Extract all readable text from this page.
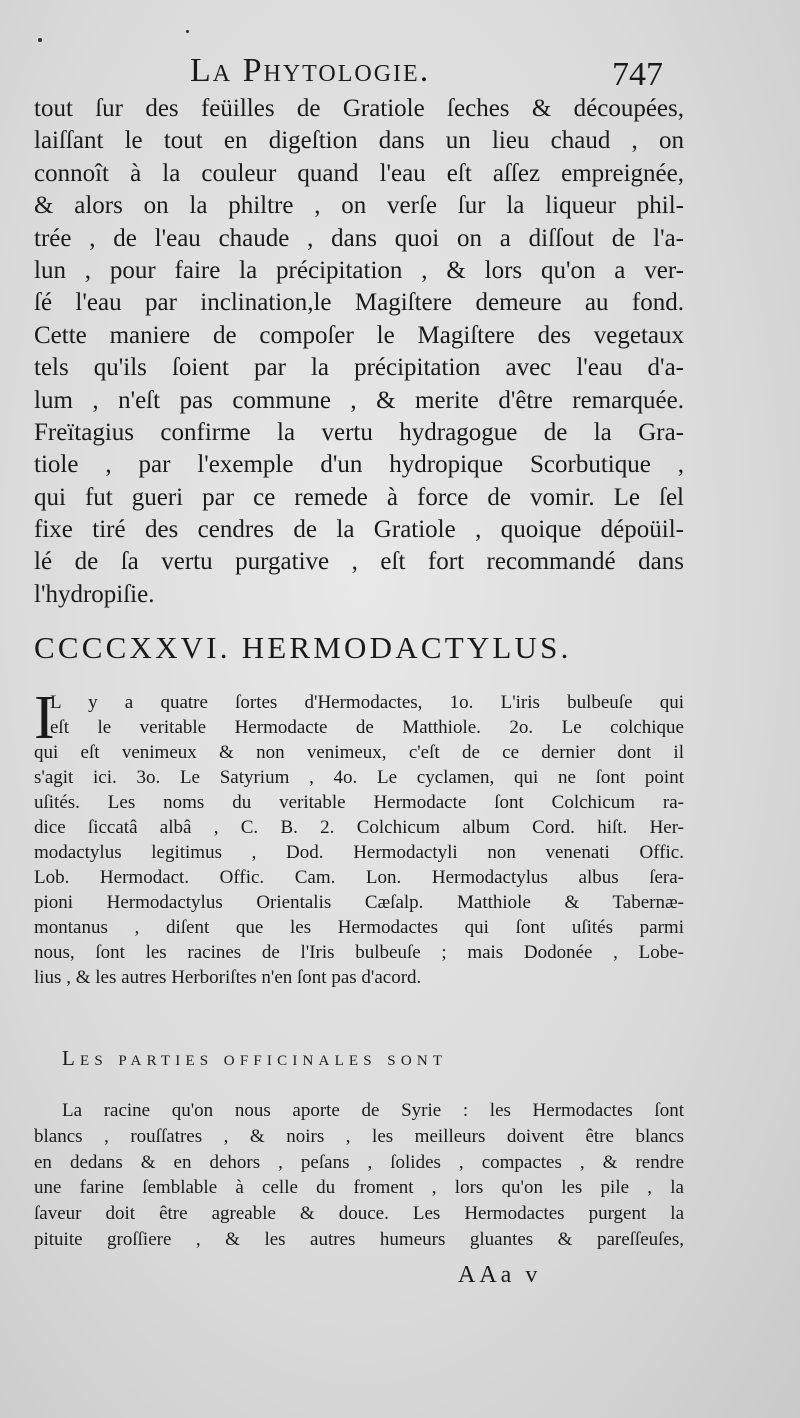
La Phytologie.	747
tout ſur des feüilles de Gratiole ſeches & découpées,
laiſſant le tout en digeſtion dans un lieu chaud , on
connoît à la couleur quand l'eau eſt aſſez empreignée,
& alors on la philtre , on verſe ſur la liqueur phil-
trée , de l'eau chaude , dans quoi on a diſſout de l'a-
lun , pour faire la précipitation , & lors qu'on a ver-
ſé l'eau par inclination,le Magiſtere demeure au fond.
Cette maniere de compoſer le Magiſtere des vegetaux
tels qu'ils ſoient par la précipitation avec l'eau d'a-
lum , n'eſt pas commune , & merite d'être remarquée.
Freïtagius confirme la vertu hydragogue de la Gra-
tiole , par l'exemple d'un hydropique Scorbutique ,
qui fut gueri par ce remede à force de vomir. Le ſel
fixe tiré des cendres de la Gratiole , quoique dépoüil-
lé de ſa vertu purgative , eſt fort recommandé dans
l'hydropiſie.
CCCCXXVI. HERMODACTYLUS.
I
L y a quatre ſortes d'Hermodactes, 1o. L'iris bulbeuſe qui
eſt le veritable Hermodacte de Matthiole. 2o. Le colchique
qui eſt venimeux & non venimeux, c'eſt de ce dernier dont il
s'agit ici. 3o. Le Satyrium , 4o. Le cyclamen, qui ne ſont point
uſités. Les noms du veritable Hermodacte ſont Colchicum ra-
dice ſiccatâ albâ , C. B. 2. Colchicum album Cord. hiſt. Her-
modactylus legitimus , Dod. Hermodactyli non venenati Offic.
Lob. Hermodact. Offic. Cam. Lon. Hermodactylus albus ſera-
pioni Hermodactylus Orientalis Cæſalp. Matthiole & Tabernæ-
montanus , diſent que les Hermodactes qui ſont uſités parmi
nous, ſont les racines de l'Iris bulbeuſe ; mais Dodonée , Lobe-
lius , & les autres Herboriſtes n'en ſont pas d'acord.
Les parties officinales sont
La racine qu'on nous aporte de Syrie : les Hermodactes ſont
blancs , rouſſatres , & noirs , les meilleurs doivent être blancs
en dedans & en dehors , peſans , ſolides , compactes , & rendre
une farine ſemblable à celle du froment , lors qu'on les pile , la
ſaveur doit être agreable & douce. Les Hermodactes purgent la
pituite groſſiere , & les autres humeurs gluantes & pareſſeuſes,
AAa v
